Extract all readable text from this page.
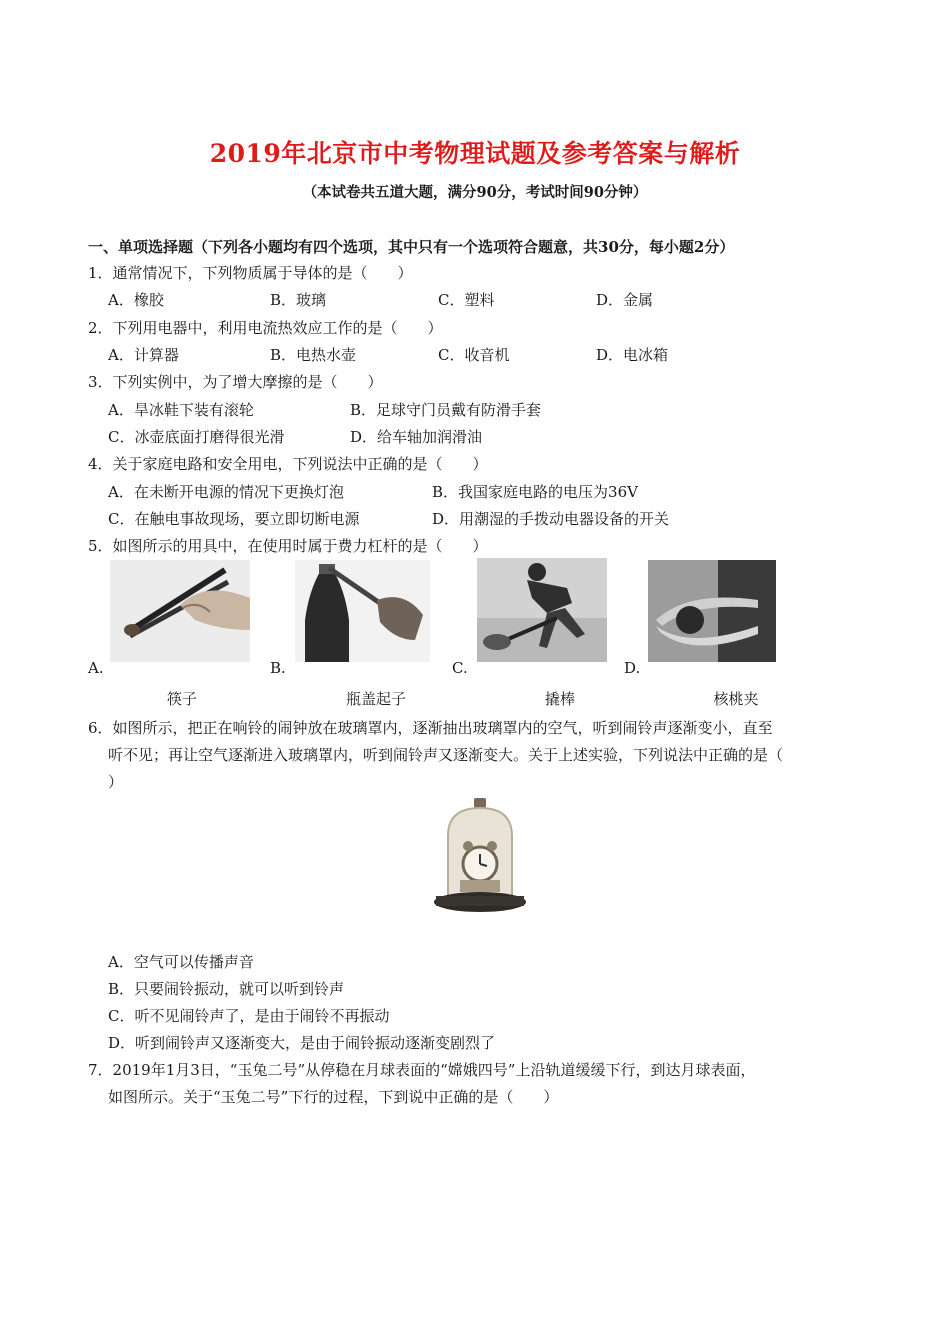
2019年北京市中考物理试题及参考答案与解析
（本试卷共五道大题，满分90分，考试时间90分钟）
一、单项选择题（下列各小题均有四个选项，其中只有一个选项符合题意，共30分，每小题2分）
1．通常情况下，下列物质属于导体的是（　　）
A．橡胶	B．玻璃	C．塑料	D．金属
2．下列用电器中，利用电流热效应工作的是（　　）
A．计算器	B．电热水壶	C．收音机	D．电冰箱
3．下列实例中，为了增大摩擦的是（　　）
A．旱冰鞋下装有滚轮	B．足球守门员戴有防滑手套
C．冰壶底面打磨得很光滑	D．给车轴加润滑油
4．关于家庭电路和安全用电，下列说法中正确的是（　　）
A．在未断开电源的情况下更换灯泡	B．我国家庭电路的电压为36V
C．在触电事故现场，要立即切断电源	D．用潮湿的手拨动电器设备的开关
5．如图所示的用具中，在使用时属于费力杠杆的是（　　）
A.
筷子
B.
瓶盖起子
C.
撬棒
D.
核桃夹
6．如图所示，把正在响铃的闹钟放在玻璃罩内，逐渐抽出玻璃罩内的空气，听到闹铃声逐渐变小，直至
听不见；再让空气逐渐进入玻璃罩内，听到闹铃声又逐渐变大。关于上述实验，下列说法中正确的是（
）
A．空气可以传播声音
B．只要闹铃振动，就可以听到铃声
C．听不见闹铃声了，是由于闹铃不再振动
D．听到闹铃声又逐渐变大，是由于闹铃振动逐渐变剧烈了
7．2019年1月3日，“玉兔二号”从停稳在月球表面的“嫦娥四号”上沿轨道缓缓下行，到达月球表面，
如图所示。关于“玉兔二号”下行的过程，下到说中正确的是（　　）
